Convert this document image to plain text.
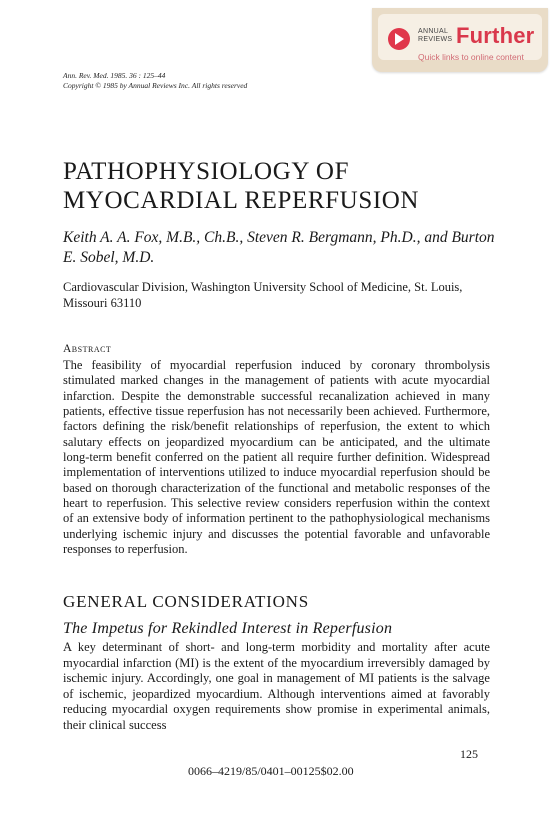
ANNUAL REVIEWS Further
Quick links to online content
Ann. Rev. Med. 1985. 36 : 125–44
Copyright © 1985 by Annual Reviews Inc. All rights reserved
PATHOPHYSIOLOGY OF MYOCARDIAL REPERFUSION
Keith A. A. Fox, M.B., Ch.B., Steven R. Bergmann, Ph.D., and Burton E. Sobel, M.D.
Cardiovascular Division, Washington University School of Medicine, St. Louis, Missouri 63110
Abstract

The feasibility of myocardial reperfusion induced by coronary thrombolysis stimulated marked changes in the management of patients with acute myocardial infarction. Despite the demonstrable successful recanalization achieved in many patients, effective tissue reperfusion has not necessarily been achieved. Furthermore, factors defining the risk/benefit relationships of reperfusion, the extent to which salutary effects on jeopardized myocardium can be anticipated, and the ultimate long-term benefit conferred on the patient all require further definition. Widespread implementation of interventions utilized to induce myocardial reperfusion should be based on thorough characterization of the functional and metabolic responses of the heart to reperfusion. This selective review considers reperfusion within the context of an extensive body of information pertinent to the pathophysiological mechanisms underlying ischemic injury and discusses the potential favorable and unfavorable responses to reperfusion.

GENERAL CONSIDERATIONS
The Impetus for Rekindled Interest in Reperfusion

A key determinant of short- and long-term morbidity and mortality after acute myocardial infarction (MI) is the extent of the myocardium irreversibly damaged by ischemic injury. Accordingly, one goal in management of MI patients is the salvage of ischemic, jeopardized myocardium. Although interventions aimed at favorably reducing myocardial oxygen requirements show promise in experimental animals, their clinical success

125
0066–4219/85/0401–00125$02.00
